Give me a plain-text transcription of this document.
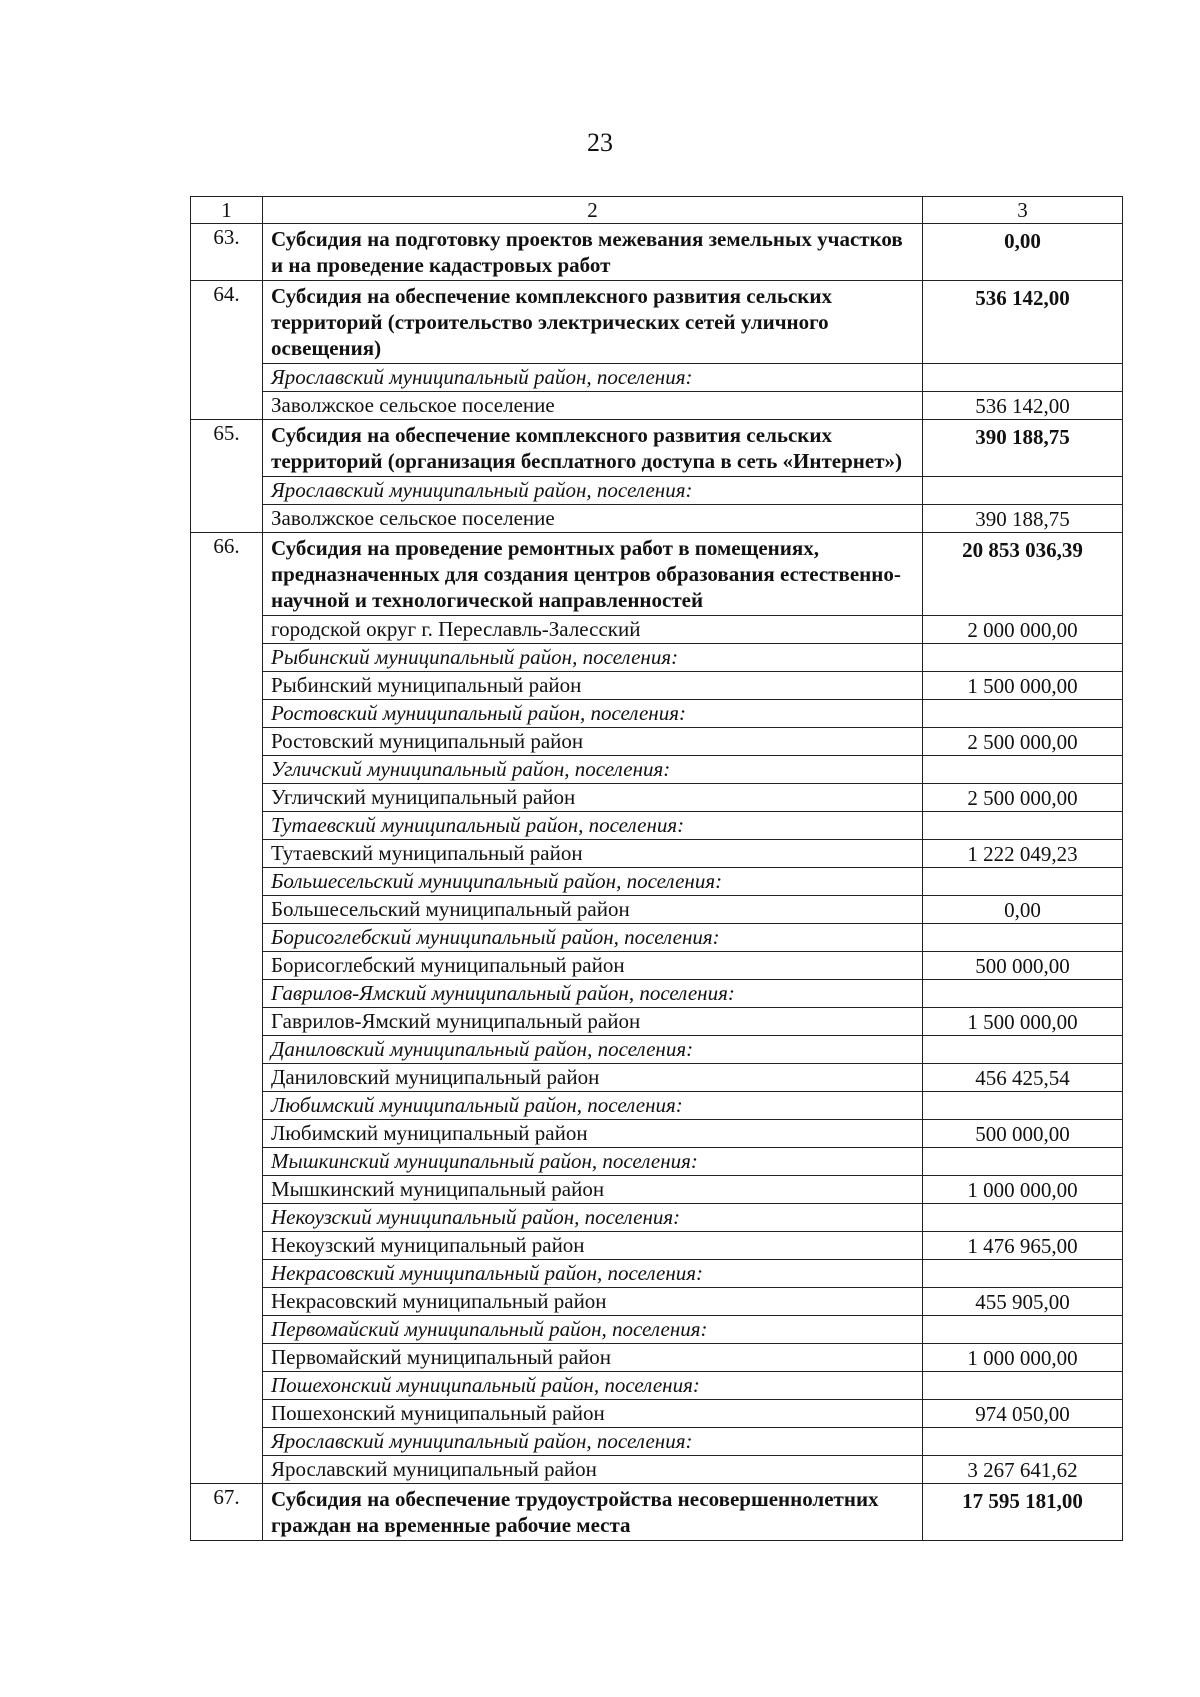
23
1	2	3
63.	Субсидия на подготовку проектов межевания земельных участков и на проведение кадастровых работ	0,00
64.	Субсидия на обеспечение комплексного развития сельских территорий (строительство электрических сетей уличного освещения)	536 142,00
	Ярославский муниципальный район, поселения:	
	Заволжское сельское поселение	536 142,00
65.	Субсидия на обеспечение комплексного развития сельских территорий (организация бесплатного доступа в сеть «Интернет»)	390 188,75
	Ярославский муниципальный район, поселения:	
	Заволжское сельское поселение	390 188,75
66.	Субсидия на проведение ремонтных работ в помещениях, предназначенных для создания центров образования естественно-научной и технологической направленностей	20 853 036,39
	городской округ г. Переславль-Залесский	2 000 000,00
	Рыбинский муниципальный район, поселения:	
	Рыбинский муниципальный район	1 500 000,00
	Ростовский муниципальный район, поселения:	
	Ростовский муниципальный район	2 500 000,00
	Угличский муниципальный район, поселения:	
	Угличский муниципальный район	2 500 000,00
	Тутаевский муниципальный район, поселения:	
	Тутаевский муниципальный район	1 222 049,23
	Большесельский муниципальный район, поселения:	
	Большесельский муниципальный район	0,00
	Борисоглебский муниципальный район, поселения:	
	Борисоглебский муниципальный район	500 000,00
	Гаврилов-Ямский муниципальный район, поселения:	
	Гаврилов-Ямский муниципальный район	1 500 000,00
	Даниловский муниципальный район, поселения:	
	Даниловский муниципальный район	456 425,54
	Любимский муниципальный район, поселения:	
	Любимский муниципальный район	500 000,00
	Мышкинский муниципальный район, поселения:	
	Мышкинский муниципальный район	1 000 000,00
	Некоузский муниципальный район, поселения:	
	Некоузский муниципальный район	1 476 965,00
	Некрасовский муниципальный район, поселения:	
	Некрасовский муниципальный район	455 905,00
	Первомайский муниципальный район, поселения:	
	Первомайский муниципальный район	1 000 000,00
	Пошехонский муниципальный район, поселения:	
	Пошехонский муниципальный район	974 050,00
	Ярославский муниципальный район, поселения:	
	Ярославский муниципальный район	3 267 641,62
67.	Субсидия на обеспечение трудоустройства несовершеннолетних граждан на временные рабочие места	17 595 181,00
